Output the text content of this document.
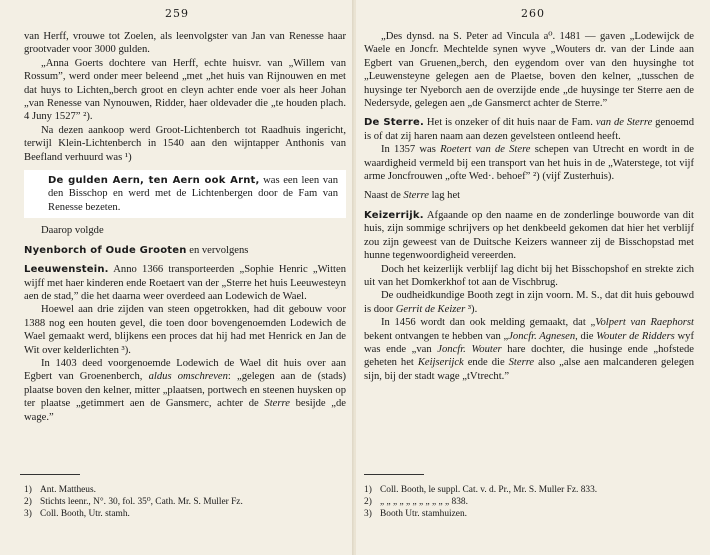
259

van Herff, vrouwe tot Zoelen, als leenvolgster van Jan van Renesse haar grootvader voor 3000 gulden.

„Anna Goerts dochtere van Herff, echte huisvr. van „Willem van Rossum”, werd onder meer beleend „met „het huis van Rijnouwen en met dat huys to Lichten„berch groot en cleyn achter ende voer als heer Johan „van Renesse van Nynouwen, Ridder, haer oldevader die „te houden plach. 4 Juny 1527” ²).

Na dezen aankoop werd Groot-Lichtenberch tot Raadhuis ingericht, terwijl Klein-Lichtenberch in 1540 aan den wijntapper Anthonis van Beefland verhuurd was ¹)

De gulden Aern, ten Aern ook Arnt, was een leen van den Bisschop en werd met de Lichtenbergen door de Fam van Renesse bezeten.

Daarop volgde

Nyenborch of Oude Grooten en vervolgens

Leeuwenstein. Anno 1366 transporteerden „Sophie Henric „Witten wijff met haer kinderen ende Roetaert van der „Sterre het huis Leeuwesteyn aen de stad,” die het daarna weer overdeed aan Lodewich de Wael.

Hoewel aan drie zijden van steen opgetrokken, had dit gebouw voor 1388 nog een houten gevel, die toen door bovengenoemden Lodewich de Wael gemaakt werd, blijkens een proces dat hij had met Henrick en Jan de Wit over kelderlichten ³).

In 1403 deed voorgenoemde Lodewich de Wael dit huis over aan Egbert van Groenenberch, aldus omschreven: „gelegen aan de (stads) plaatse boven den kelner, mitter „plaatsen, portwech en steenen huysken op ter plaatse „getimmert aen de Gansmerc, achter de Sterre besijde „de wage.”

1) Ant. Mattheus.
2) Stichts leenr., N°. 30, fol. 35⁰, Cath. Mr. S. Muller Fz.
3) Coll. Booth, Utr. stamh.
260

„Des dynsd. na S. Peter ad Vincula a⁰. 1481 — gaven „Lodewijck de Waele en Joncfr. Mechtelde synen wyve „Wouters dr. van der Linde aan Egbert van Gruenen„berch, den eygendom over van den huysinghe tot „Leuwensteyne gelegen aen de Plaetse, boven den kelner, „tusschen de huysinge ter Nyeborch aen de overzijde ende „de huysinge ter Sterre aen de Nedersyde, gelegen aen „de Gansmerct achter de Sterre.”

De Sterre. Het is onzeker of dit huis naar de Fam. van de Sterre genoemd is of dat zij haren naam aan dezen gevelsteen ontleend heeft.

In 1357 was Roetert van de Stere schepen van Utrecht en wordt in de waardigheid vermeld bij een transport van het huis in de „Waterstege, tot vijf arme Joncfrouwen „ofte Wed·. behoef” ²) (vijf Zusterhuis).

Naast de Sterre lag het

Keizerrijk. Afgaande op den naame en de zonderlinge bouworde van dit huis, zijn sommige schrijvers op het denkbeeld gekomen dat hier het verblijf zou zijn geweest van de Duitsche Keizers wanneer zij de Bisschopstad met hunne tegenwoordigheid vereerden.

Doch het keizerlijk verblijf lag dicht bij het Bisschopshof en strekte zich uit van het Domkerkhof tot aan de Vischbrug.

De oudheidkundige Booth zegt in zijn voorn. M. S., dat dit huis gebouwd is door Gerrit de Keizer ³).

In 1456 wordt dan ook melding gemaakt, dat „Volpert van Raephorst bekent ontvangen te hebben van „Joncfr. Agnesen, die Wouter de Ridders wyf was ende „van Joncfr. Wouter hare dochter, die husinge ende „hofstede geheten het Keijserijck ende die Sterre also „alse aen malcanderen gelegen sijn, bij der stadt wage „tVtrecht.”

1) Coll. Booth, le suppl. Cat. v. d. Pr., Mr. S. Muller Fz. 833.
2) „ „ „ „ „ „ „ „ „ „ „ 838.
3) Booth Utr. stamhuizen.
